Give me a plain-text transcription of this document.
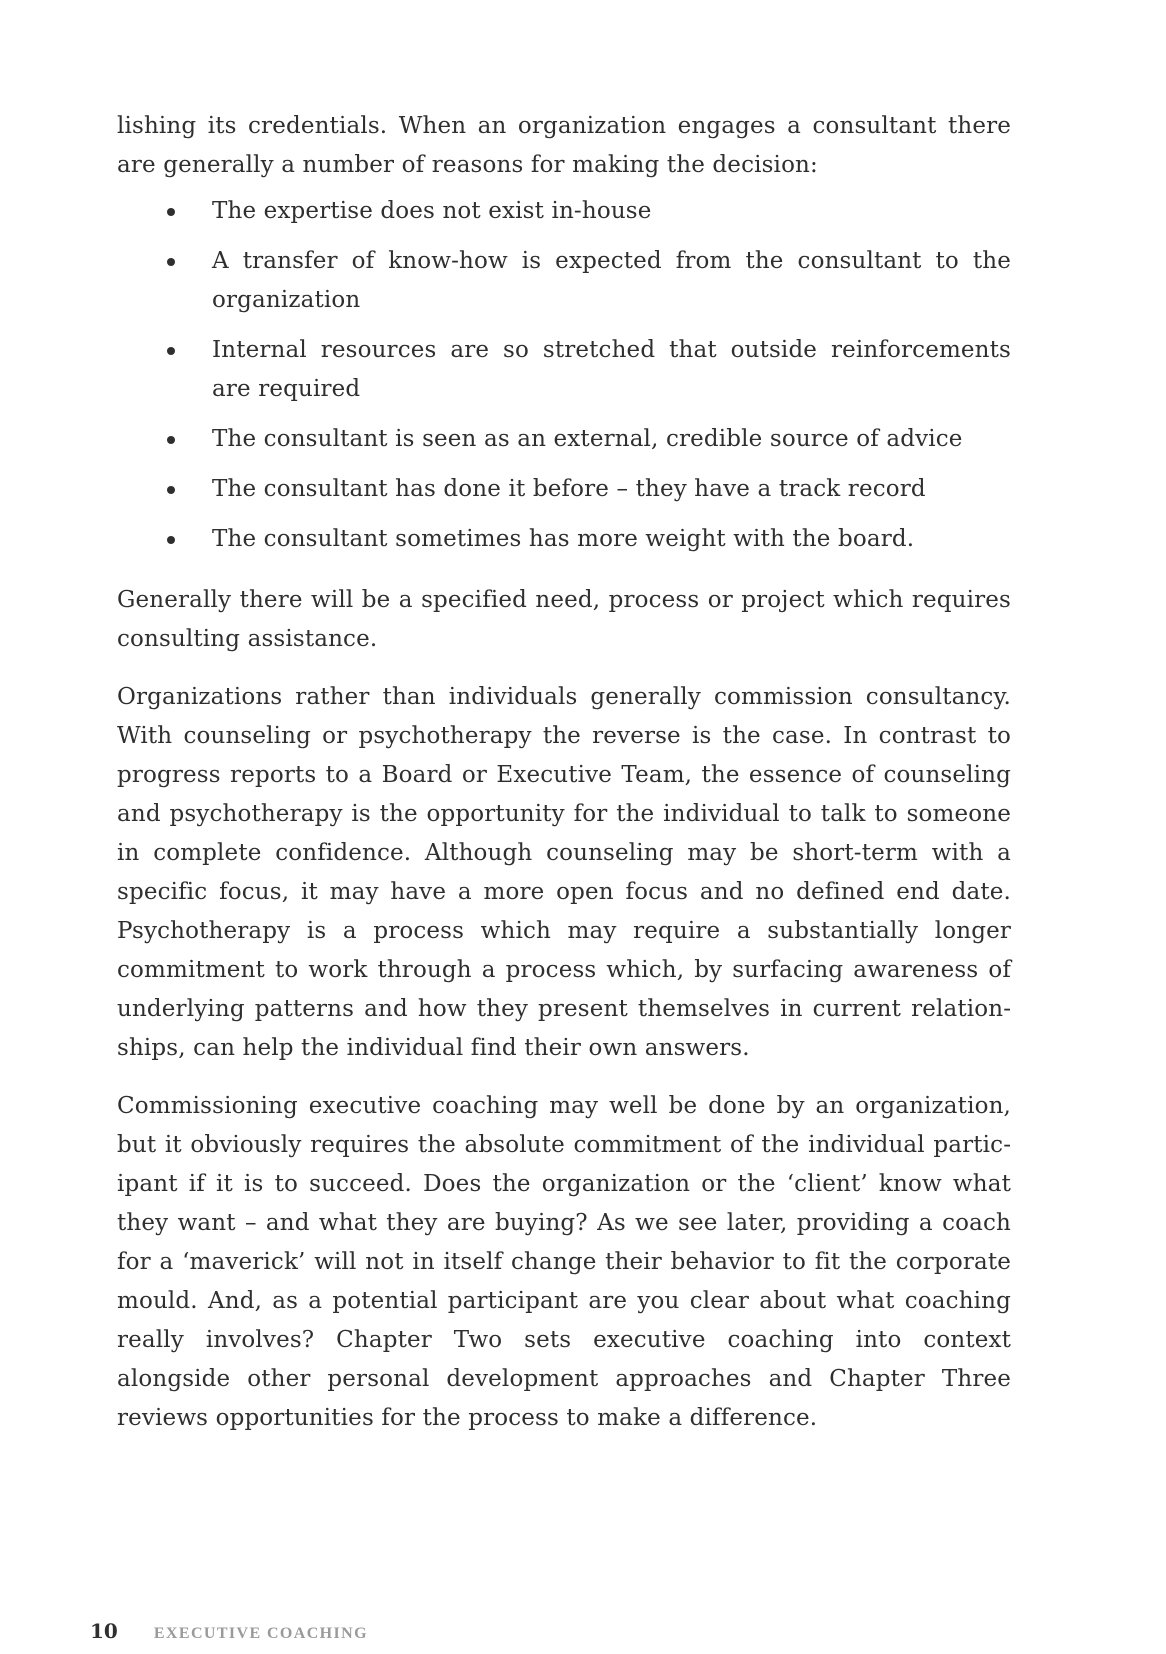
lishing its credentials. When an organization engages a consultant there are generally a number of reasons for making the decision:

The expertise does not exist in-house
A transfer of know-how is expected from the consultant to the organization
Internal resources are so stretched that outside reinforcements are required
The consultant is seen as an external, credible source of advice
The consultant has done it before – they have a track record
The consultant sometimes has more weight with the board.

Generally there will be a specified need, process or project which requires consulting assistance.

Organizations rather than individuals generally commission consultancy. With counseling or psychotherapy the reverse is the case. In contrast to progress reports to a Board or Executive Team, the essence of counseling and psychotherapy is the opportunity for the individual to talk to someone in complete confidence. Although counseling may be short-term with a specific focus, it may have a more open focus and no defined end date. Psychotherapy is a process which may require a substantially longer commitment to work through a process which, by surfacing awareness of underlying patterns and how they present themselves in current relationships, can help the individual find their own answers.

Commissioning executive coaching may well be done by an organization, but it obviously requires the absolute commitment of the individual participant if it is to succeed. Does the organization or the ‘client’ know what they want – and what they are buying? As we see later, providing a coach for a ‘maverick’ will not in itself change their behavior to fit the corporate mould. And, as a potential participant are you clear about what coaching really involves? Chapter Two sets executive coaching into context alongside other personal development approaches and Chapter Three reviews opportunities for the process to make a difference.

10 EXECUTIVE COACHING
